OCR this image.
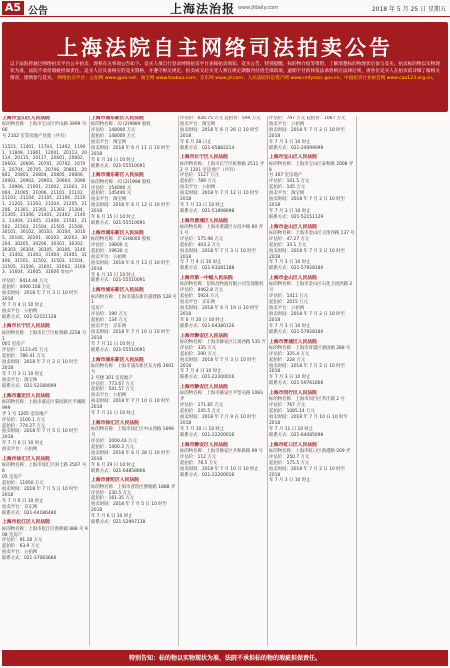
A5 公告	上海法治报 www.jfdaily.com	2018 年 5 月 25 日 星期五
上海法院自主网络司法拍卖公告
以下法院将通过网络拍卖平台公开拍卖，现将有关事项公告如下。竞买人须自行登录网络拍卖平台查阅拍卖须知、竞买公告、特别提醒、标的物介绍等资料，了解清楚标的物现状后参与竞买。拍卖标的物以实物现状为准，法院不承担瑕疵担保责任。竞买人应具备相应的竞买资格，并遵守相关规定。拍卖成交后买受人须在规定期限内付清全部款项，逾期不付的将依法承担相应法律后果，请各位竞买人在拍卖前详细了解相关情况，谨慎参与竞买。 网络拍卖平台：公拍网 www.gpai.net；淘宝网 www.taobao.com；京东网 www.jd.com；人民法院诉讼资产网 www.rmfysszc.gov.cn；中国拍卖行业协会网 www.caa123.org.cn。
上海市宝山区人民法院
标的物名称：上海市宝山区庐山路 3999 号 66
号 2102 室等房地产处置（共有）
11523、11401、11703、11402、11901、11848、11861、12001、20113、20114、20115、20117、20601、20602、20603、20606、20701、20702、20703、20704、20705、20706、20801、20802、20803、20804、20805、20806、20901、20902、20903、20904、20905、20906、21001、21002、21003、21004、21005、21006、21101、21102、21103、21104、21105、21106、21201、21202、21203、21204、21205、21206、21301、21302、21303、21304、21305、21306、21401、21402、21403、21404、21405、21406、21501、21502、21503、21504、21505、21506、30101、30102、30103、30104、30105、30106、30201、30202、30203、30204、30205、30206、30301、30302、30303、30304、30305、30306、31401、31402、31403、31404、31405、31406、31501、31502、31503、31504、31505、31506、31601、31602、31603、31604、31605、31606 等房产
评估价：6414.44 万元
起拍价：4490.108 万元
拍卖时间：2018 年 7 月 3 日 10 时至 2018
年 7 月 4 日 10 时止
拍卖平台：公拍网
联系方式：021-52151128
上海市长宁区人民法院
标的物名称：上海市长宁区虹桥路 2258 号 1
001 室房产
评估价：1123.45 万元
起拍价：786.41 万元
拍卖时间：2018 年 7 月 2 日 10 时至 2018
年 7 月 3 日 10 时止
拍卖平台：淘宝网
联系方式：021-52180099
上海市嘉定区人民法院
标的物名称：上海市嘉定区菊园新区平城路 999
弄 1 号 1205 室房地产
评估价：1106.1 万元
起拍价：774.27 万元
拍卖时间：2018 年 7 月 5 日 10 时至 2018
年 7 月 6 日 10 时止
拍卖平台：公拍网
上海市徐汇区人民法院
标的物名称：上海市徐汇区斜土路 2567 号 6
05 室房产
起拍价：11950 万元
拍卖时间：2018 年 7 月 5 日 10 时至 2018
年 7 月 6 日 10 时止
拍卖平台：京东网
联系方式：021-64186480
上海市松江区人民法院
标的物名称：上海市松江区新桥镇 888 号 9
08 室房产
评估价：91.28 万元
起拍价：63.9 万元
拍卖平台：公拍网
联系方式：021-37083666
上海市浦东新区人民法院
标的物名称：闵 (2)9989 股权
评估价：148000 万元
起拍价：148000 万元
拍卖平台：淘宝网
拍卖时间：2018 年 6 月 11 日 10 时至 2018
年 6 月 14 日 10 时止
联系方式：021-55510091
上海市浦东新区人民法院
标的物名称：闵 (2)1998 股权
评估价：154000 元
起拍价：145440 元
拍卖平台：淘宝网
拍卖时间：2018 年 6 月 12 日 10 时至 2018
年 6 月 15 日 10 时止
联系方式：021-55510091
上海市浦东新区人民法院
标的物名称：沪 EH8000 股权
评估价：19800 元
起拍价：19630 元
拍卖平台：公拍网
拍卖时间：2018 年 6 月 13 日 10 时至 2018
年 6 月 15 日 10 时止
联系方式：021-55510091
上海市浦东新区人民法院
标的物名称：上海市浦东新区浦建路 128 号 1
室房产
评估价：190 万元
起拍价：134 万元
拍卖平台：京东网
拍卖时间：2018 年 7 月 10 日 10 时至 2018
年 7 月 11 日 10 时止
联系方式：021-55510091
上海市浦东新区人民法院
标的物名称：上海市浦东新区东方路 3601 号
2 号楼 301 室房地产
评估价：773.67 万元
起拍价：541.57 万元
拍卖平台：公拍网
拍卖时间：2018 年 7 月 10 日 10 时至 2018
年 7 月 11 日 10 时止
上海市徐汇区人民法院
标的物名称：上海市徐汇区中山西路 1699 号
评估价：2000.43 万元
起拍价：1400.3 万元
拍卖时间：2018 年 6 月 28 日 10 时至 2018
年 6 月 29 日 10 时止
联系方式：021-64858666
上海市普陀区人民法院
标的物名称：上海市普陀区曹杨路 1888 弄
评估价：230.5 万元
起拍价：161.35 万元
拍卖时间：2018 年 7 月 5 日 10 时至 2018
年 7 月 6 日 10 时止
联系方式：021-52997138
评估价：626.75 万元 起拍价：594 万元
拍卖平台：淘宝网
拍卖时间：2018 年 6 月 26 日 10 时至 2018
年 6 月 28 日止
联系方式：021-65882214
上海市长宁区人民法院
标的物名称：上海市长宁区虹桥路 2511 弄
2 号 1201 室房地产（共有）
评估价：1127 万元
起拍价：789 万元
拍卖平台：公拍网
拍卖时间：2018 年 7 月 12 日 10 时至 2018
年 7 月 13 日 10 时止
联系方式：021-51898098
上海市黄浦区人民法院
标的物名称：上海市黄浦区方浜中路 80 弄 1 号
评估价：575.98 万元
起拍价：403.2 万元
拍卖时间：2018 年 7 月 3 日 10 时至 2018
年 7 月 4 日 10 时止
联系方式：021-63281188
上海市第一中级人民法院
标的物名称：信和昌物流有限公司全部股权
评估价：8462.8 万元
起拍价：5924 万元
拍卖平台：京东网
拍卖时间：2018 年 6 月 19 日 10 时至 2018
年 6 月 20 日 10 时止
联系方式：021-64380126
上海市静安区人民法院
标的物名称：上海市静安区江场西路 535 弄
评估价：335 万元
起拍价：290 万元
拍卖时间：2018 年 7 月 3 日 10 时至 2018
年 7 月 4 日 10 时止
联系方式：021-22200016
上海市静安区人民法院
标的物名称：上海市静安区平型关路 1083 弄
评估价：171.85 万元
起拍价：245.5 万元
拍卖时间：2018 年 7 月 9 日 10 时至 2018
年 7 月 10 日 10 时止
联系方式：021-22200016
上海市静安区人民法院
标的物名称：上海市静安区共和新路 99 号
评估价：112 万元
起拍价：78.5 万元
拍卖时间：2018 年 7 月 10 日 10 时止
联系方式：021-22200016
评估价：747 万元 起拍价：1067 万元
拍卖平台：公拍网
拍卖时间：2018 年 7 月 2 日 10 时至 2018
年 7 月 3 日 10 时止
联系方式：021-24099099
上海市宝山区人民法院
标的物名称：上海市宝山区泰和路 2008 弄 8
号 307 室房地产
评估价：101.5 万元
起拍价：145 万元
拍卖平台：淘宝网
拍卖时间：2018 年 7 月 2 日 10 时至 2018
年 7 月 3 日 10 时止
联系方式：021-52151129
上海市金山区人民法院
标的物名称：上海市金山区卫清西路 137 号
评估价：47.27 万元
起拍价：33.1 万元
拍卖时间：2018 年 7 月 2 日 10 时至 2018
年 7 月 3 日 10 时止
联系方式：021-57928180
上海市金山区人民法院
标的物名称：上海市金山区石化卫清西路 2 号
评估价：1411 万元
起拍价：2015 万元
拍卖平台：公拍网
拍卖时间：2018 年 7 月 2 日 10 时至 2018
年 7 月 3 日 10 时止
联系方式：021-57928180
上海市青浦区人民法院
标的物名称：上海市青浦区重固镇 288 号
评估价：325.4 万元
起拍价：228 万元
拍卖时间：2018 年 7 月 2 日 10 时至 2018
年 7 月 3 日 10 时止
联系方式：021-59761666
上海市闵行区人民法院
标的物名称：上海市闵行区莘庄镇 2 号
评估价：767 万元
起拍价：1085.14 万元
拍卖时间：2018 年 7 月 10 日 10 时至 2018
年 7 月 11 日 10 时止
联系方式：021-64085098
上海市虹口区人民法院
标的物名称：上海市虹口区新港路 209 弄
评估价：250.7 万元
起拍价：175.5 万元
拍卖时间：2018 年 7 月 2 日 10 时至 2018
年 7 月 3 日 10 时止
特别告知：标的物以实物现状为准，法院不承担标的物的瑕疵担保责任。
